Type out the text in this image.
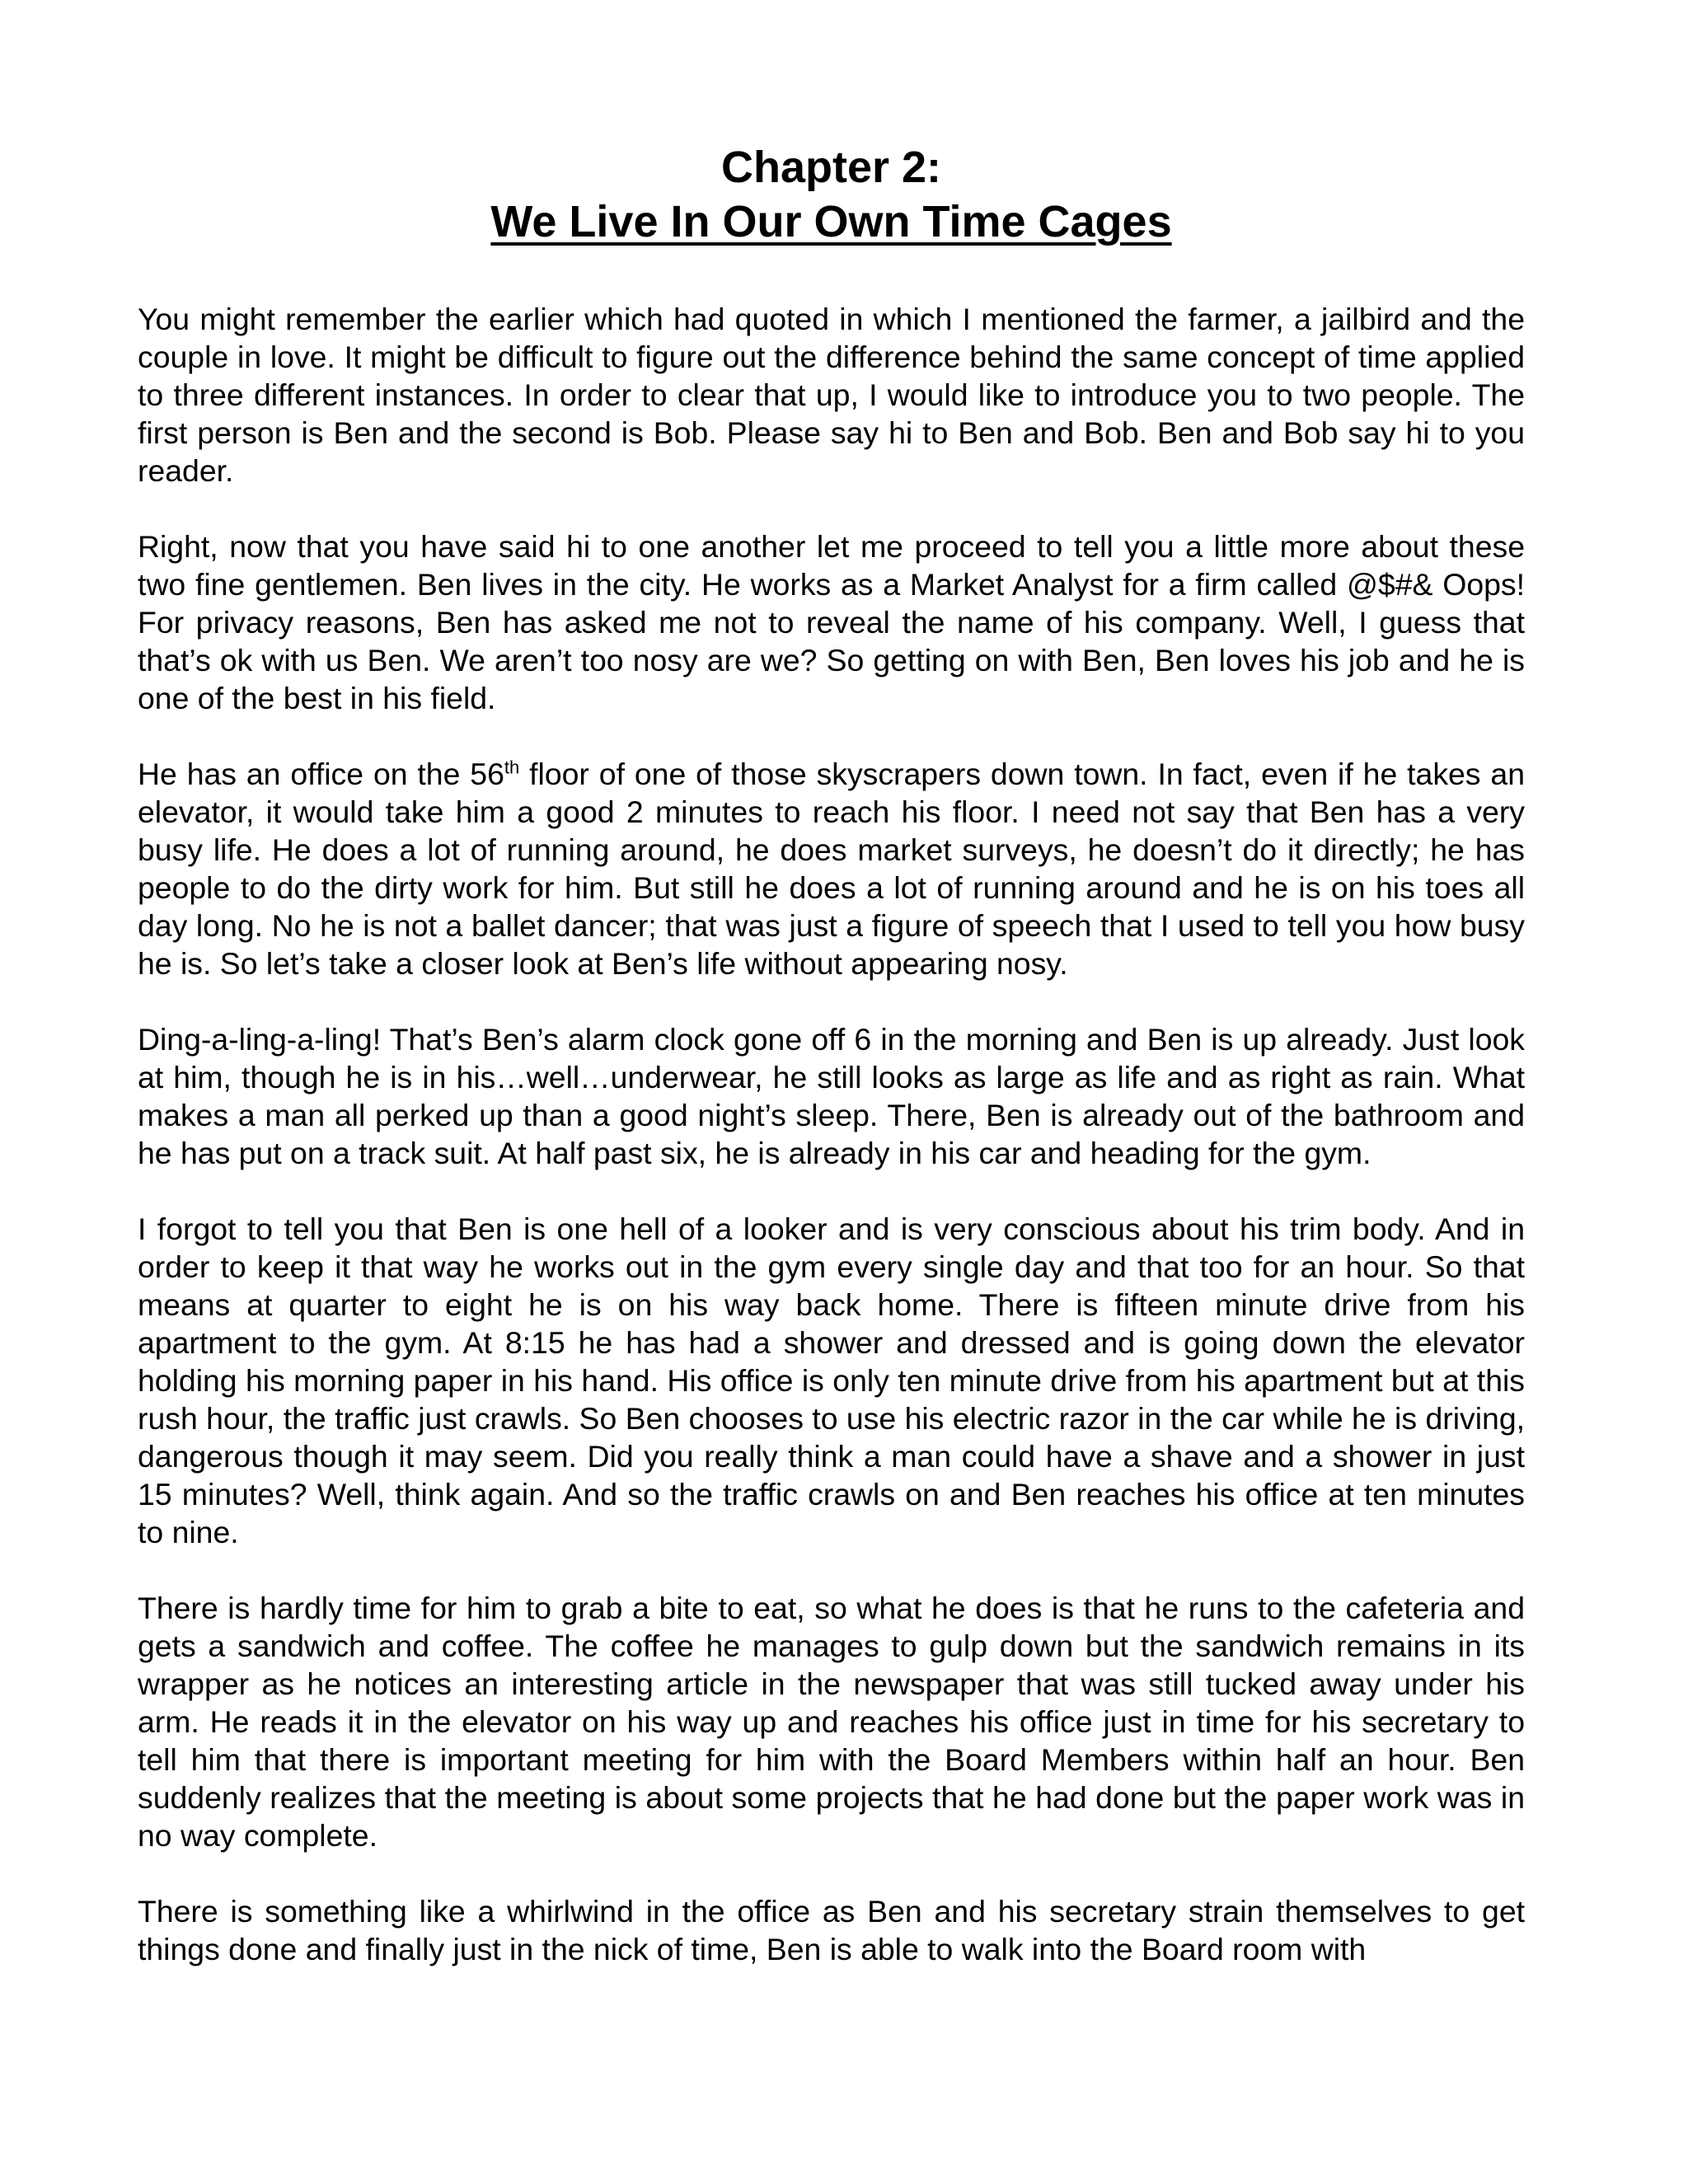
Chapter 2:
We Live In Our Own Time Cages

You might remember the earlier which had quoted in which I mentioned the farmer, a jailbird and the couple in love. It might be difficult to figure out the difference behind the same concept of time applied to three different instances. In order to clear that up, I would like to introduce you to two people. The first person is Ben and the second is Bob. Please say hi to Ben and Bob. Ben and Bob say hi to you reader.

Right, now that you have said hi to one another let me proceed to tell you a little more about these two fine gentlemen. Ben lives in the city. He works as a Market Analyst for a firm called @$#& Oops! For privacy reasons, Ben has asked me not to reveal the name of his company. Well, I guess that that’s ok with us Ben. We aren’t too nosy are we? So getting on with Ben, Ben loves his job and he is one of the best in his field.

He has an office on the 56th floor of one of those skyscrapers down town. In fact, even if he takes an elevator, it would take him a good 2 minutes to reach his floor. I need not say that Ben has a very busy life. He does a lot of running around, he does market surveys, he doesn’t do it directly; he has people to do the dirty work for him. But still he does a lot of running around and he is on his toes all day long. No he is not a ballet dancer; that was just a figure of speech that I used to tell you how busy he is. So let’s take a closer look at Ben’s life without appearing nosy.

Ding-a-ling-a-ling! That’s Ben’s alarm clock gone off 6 in the morning and Ben is up already. Just look at him, though he is in his…well…underwear, he still looks as large as life and as right as rain. What makes a man all perked up than a good night’s sleep. There, Ben is already out of the bathroom and he has put on a track suit. At half past six, he is already in his car and heading for the gym.

I forgot to tell you that Ben is one hell of a looker and is very conscious about his trim body. And in order to keep it that way he works out in the gym every single day and that too for an hour. So that means at quarter to eight he is on his way back home. There is fifteen minute drive from his apartment to the gym. At 8:15 he has had a shower and dressed and is going down the elevator holding his morning paper in his hand. His office is only ten minute drive from his apartment but at this rush hour, the traffic just crawls. So Ben chooses to use his electric razor in the car while he is driving, dangerous though it may seem. Did you really think a man could have a shave and a shower in just 15 minutes? Well, think again. And so the traffic crawls on and Ben reaches his office at ten minutes to nine.

There is hardly time for him to grab a bite to eat, so what he does is that he runs to the cafeteria and gets a sandwich and coffee. The coffee he manages to gulp down but the sandwich remains in its wrapper as he notices an interesting article in the newspaper that was still tucked away under his arm. He reads it in the elevator on his way up and reaches his office just in time for his secretary to tell him that there is important meeting for him with the Board Members within half an hour. Ben suddenly realizes that the meeting is about some projects that he had done but the paper work was in no way complete.

There is something like a whirlwind in the office as Ben and his secretary strain themselves to get things done and finally just in the nick of time, Ben is able to walk into the Board room with
